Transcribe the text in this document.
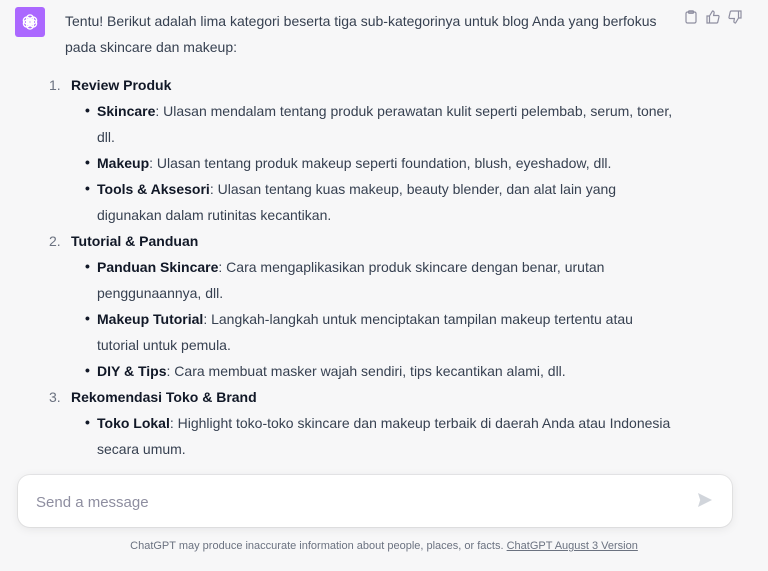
Tentu! Berikut adalah lima kategori beserta tiga sub-kategorinya untuk blog Anda yang berfokus pada skincare dan makeup:

1. Review Produk
• Skincare: Ulasan mendalam tentang produk perawatan kulit seperti pelembab, serum, toner, dll.
• Makeup: Ulasan tentang produk makeup seperti foundation, blush, eyeshadow, dll.
• Tools & Aksesori: Ulasan tentang kuas makeup, beauty blender, dan alat lain yang digunakan dalam rutinitas kecantikan.
2. Tutorial & Panduan
• Panduan Skincare: Cara mengaplikasikan produk skincare dengan benar, urutan penggunaannya, dll.
• Makeup Tutorial: Langkah-langkah untuk menciptakan tampilan makeup tertentu atau tutorial untuk pemula.
• DIY & Tips: Cara membuat masker wajah sendiri, tips kecantikan alami, dll.
3. Rekomendasi Toko & Brand
• Toko Lokal: Highlight toko-toko skincare dan makeup terbaik di daerah Anda atau Indonesia secara umum.
Send a message
ChatGPT may produce inaccurate information about people, places, or facts. ChatGPT August 3 Version
